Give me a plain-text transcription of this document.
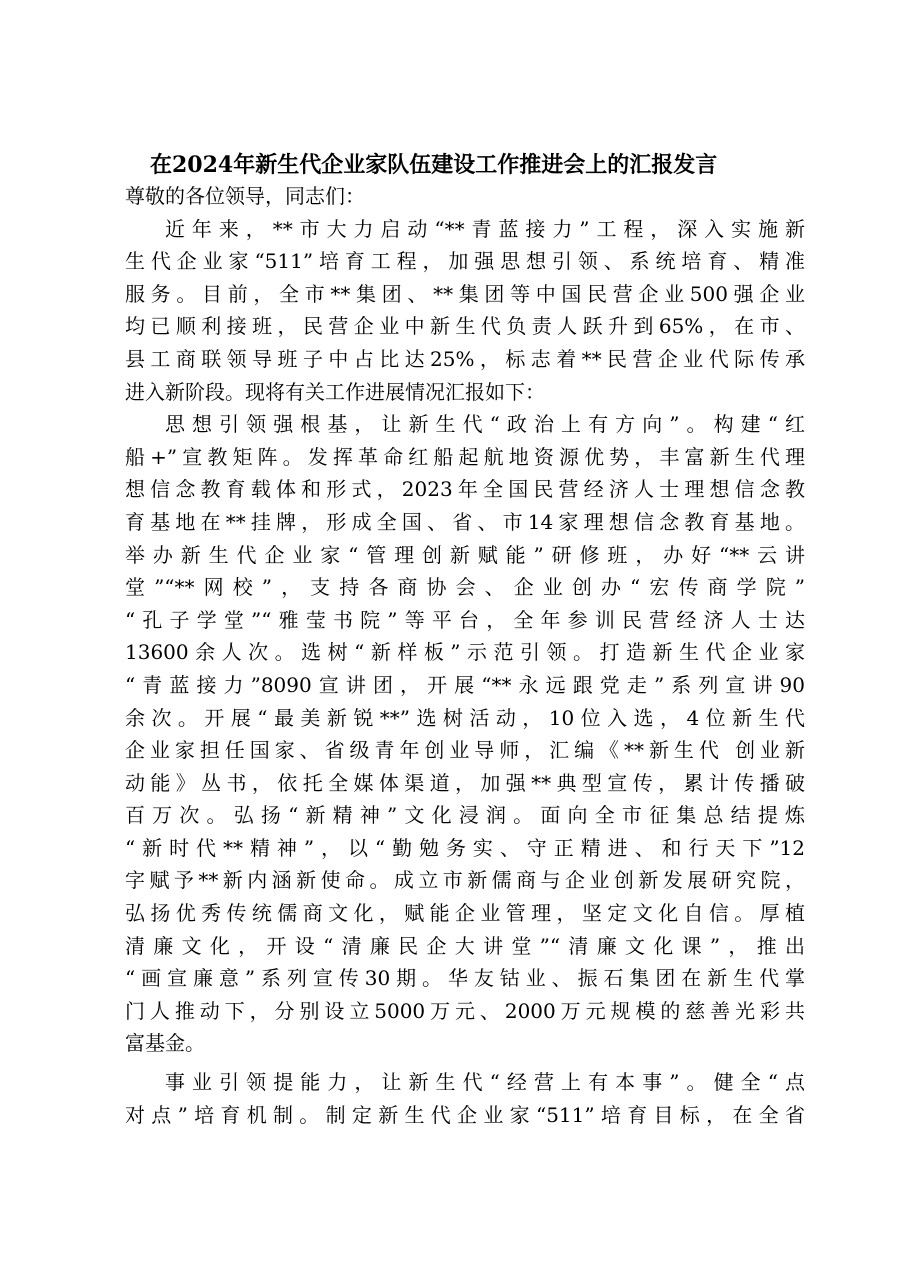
在2024年新生代企业家队伍建设工作推进会上的汇报发言
尊敬的各位领导，同志们：
近年来，**市大力启动“**青蓝接力”工程，深入实施新
生代企业家“511”培育工程，加强思想引领、系统培育、精准
服务。目前，全市**集团、**集团等中国民营企业500强企业
均已顺利接班，民营企业中新生代负责人跃升到65%，在市、
县工商联领导班子中占比达25%，标志着**民营企业代际传承
进入新阶段。现将有关工作进展情况汇报如下：
思想引领强根基，让新生代“政治上有方向”。构建“红
船+”宣教矩阵。发挥革命红船起航地资源优势，丰富新生代理
想信念教育载体和形式，2023年全国民营经济人士理想信念教
育基地在**挂牌，形成全国、省、市14家理想信念教育基地。
举办新生代企业家“管理创新赋能”研修班，办好“**云讲
堂”“**网校”，支持各商协会、企业创办“宏传商学院”
“孔子学堂”“雅莹书院”等平台，全年参训民营经济人士达
13600余人次。选树“新样板”示范引领。打造新生代企业家
“青蓝接力”8090宣讲团，开展“**永远跟党走”系列宣讲90
余次。开展“最美新锐**”选树活动，10位入选，4位新生代
企业家担任国家、省级青年创业导师，汇编《**新生代 创业新
动能》丛书，依托全媒体渠道，加强**典型宣传，累计传播破
百万次。弘扬“新精神”文化浸润。面向全市征集总结提炼
“新时代**精神”，以“勤勉务实、守正精进、和行天下”12
字赋予**新内涵新使命。成立市新儒商与企业创新发展研究院，
弘扬优秀传统儒商文化，赋能企业管理，坚定文化自信。厚植
清廉文化，开设“清廉民企大讲堂”“清廉文化课”，推出
“画宣廉意”系列宣传30期。华友钴业、振石集团在新生代掌
门人推动下，分别设立5000万元、2000万元规模的慈善光彩共
富基金。
事业引领提能力，让新生代“经营上有本事”。健全“点
对点”培育机制。制定新生代企业家“511”培育目标，在全省
